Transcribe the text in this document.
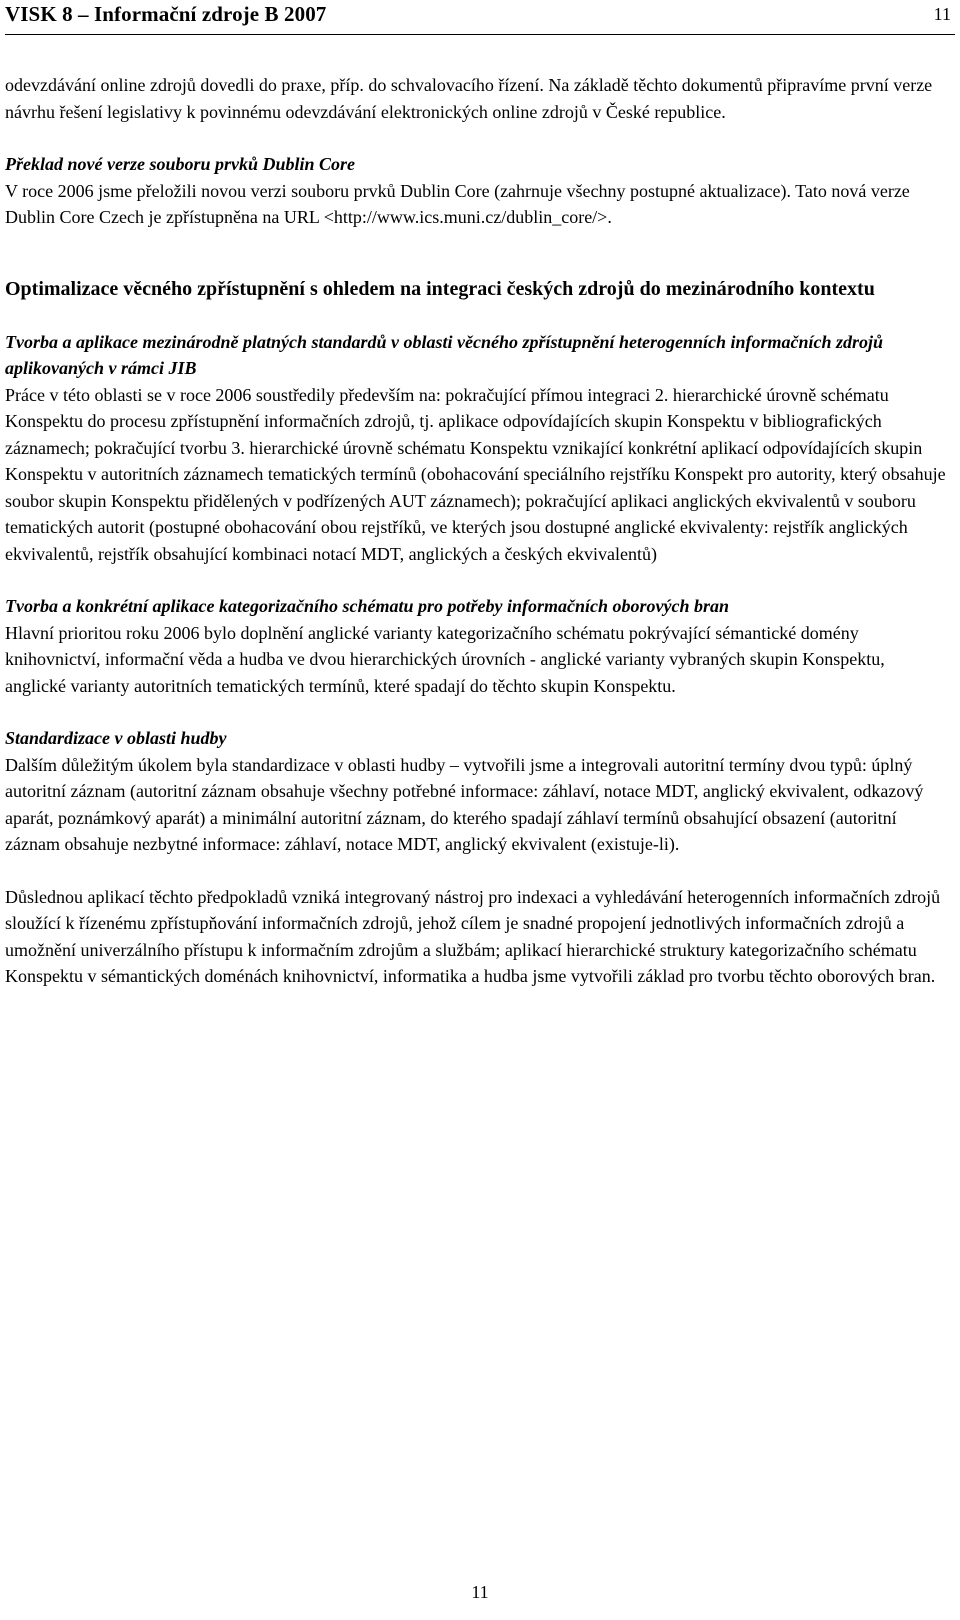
VISK 8 – Informační zdroje B 2007	11

odevzdávání online zdrojů dovedli do praxe, příp. do schvalovacího řízení. Na základě těchto dokumentů připravíme první verze návrhu řešení legislativy k povinnému odevzdávání elektronických online zdrojů v České republice.

Překlad nové verze souboru prvků Dublin Core

V roce 2006 jsme přeložili novou verzi souboru prvků Dublin Core (zahrnuje všechny postupné aktualizace). Tato nová verze Dublin Core Czech je zpřístupněna na URL <http://www.ics.muni.cz/dublin_core/>.

Optimalizace věcného zpřístupnění s ohledem na integraci českých zdrojů do mezinárodního kontextu

Tvorba a aplikace mezinárodně platných standardů v oblasti věcného zpřístupnění heterogenních informačních zdrojů aplikovaných v rámci JIB

Práce v této oblasti se v roce 2006 soustředily především na: pokračující přímou integraci 2. hierarchické úrovně schématu Konspektu do procesu zpřístupnění informačních zdrojů, tj. aplikace odpovídajících skupin Konspektu v bibliografických záznamech; pokračující tvorbu 3. hierarchické úrovně schématu Konspektu vznikající konkrétní aplikací odpovídajících skupin Konspektu v autoritních záznamech tematických termínů (obohacování speciálního rejstříku Konspekt pro autority, který obsahuje soubor skupin Konspektu přidělených v podřízených AUT záznamech); pokračující aplikaci anglických ekvivalentů v souboru tematických autorit (postupné obohacování obou rejstříků, ve kterých jsou dostupné anglické ekvivalenty: rejstřík anglických ekvivalentů, rejstřík obsahující kombinaci notací MDT, anglických a českých ekvivalentů)

Tvorba a konkrétní aplikace kategorizačního schématu pro potřeby informačních oborových bran

Hlavní prioritou roku 2006 bylo doplnění anglické varianty kategorizačního schématu pokrývající sémantické domény knihovnictví, informační věda a hudba ve dvou hierarchických úrovních - anglické varianty vybraných skupin Konspektu, anglické varianty autoritních tematických termínů, které spadají do těchto skupin Konspektu.

Standardizace v oblasti hudby

Dalším důležitým úkolem byla standardizace v oblasti hudby – vytvořili jsme a integrovali autoritní termíny dvou typů: úplný autoritní záznam (autoritní záznam obsahuje všechny potřebné informace: záhlaví, notace MDT, anglický ekvivalent, odkazový aparát, poznámkový aparát) a minimální autoritní záznam, do kterého spadají záhlaví termínů obsahující obsazení (autoritní záznam obsahuje nezbytné informace: záhlaví, notace MDT, anglický ekvivalent (existuje-li).

Důslednou aplikací těchto předpokladů vzniká integrovaný nástroj pro indexaci a vyhledávání heterogenních informačních zdrojů sloužící k řízenému zpřístupňování informačních zdrojů, jehož cílem je snadné propojení jednotlivých informačních zdrojů a umožnění univerzálního přístupu k informačním zdrojům a službám; aplikací hierarchické struktury kategorizačního schématu Konspektu v sémantických doménách knihovnictví, informatika a hudba jsme vytvořili základ pro tvorbu těchto oborových bran.

11
